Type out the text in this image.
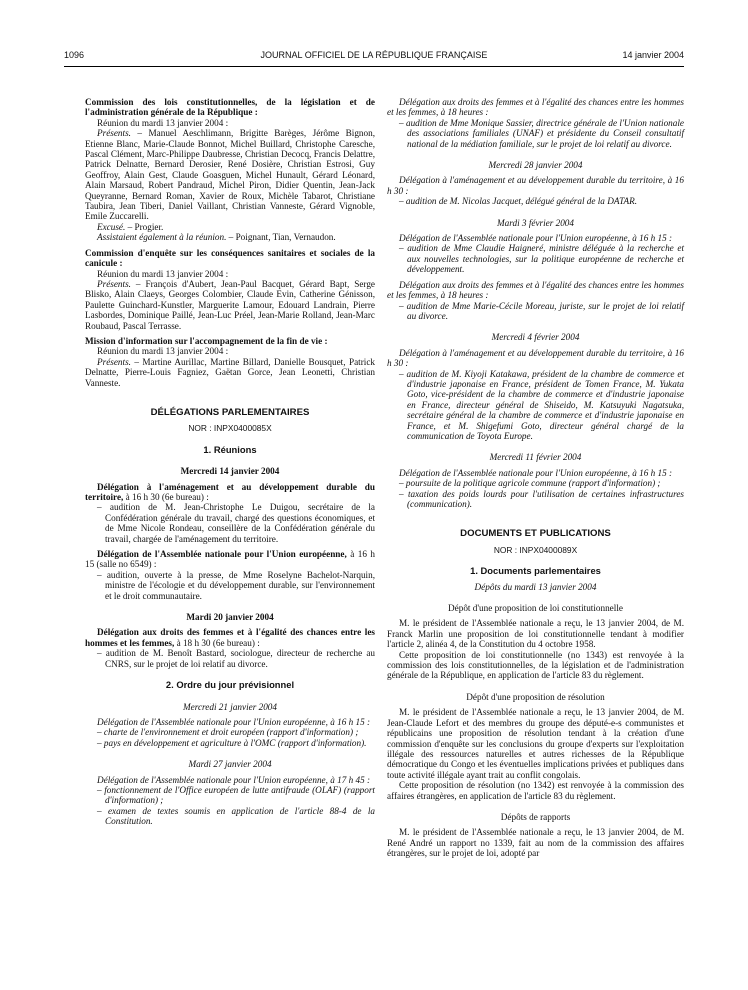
1096	JOURNAL OFFICIEL DE LA RÉPUBLIQUE FRANÇAISE	14 janvier 2004

Commission des lois constitutionnelles, de la législation et de l'administration générale de la République :

Réunion du mardi 13 janvier 2004 :

Présents. – Manuel Aeschlimann, Brigitte Barèges, Jérôme Bignon, Etienne Blanc, Marie-Claude Bonnot, Michel Buillard, Christophe Caresche, Pascal Clément, Marc-Philippe Daubresse, Christian Decocq, Francis Delattre, Patrick Delnatte, Bernard Derosier, René Dosière, Christian Estrosi, Guy Geoffroy, Alain Gest, Claude Goasguen, Michel Hunault, Gérard Léonard, Alain Marsaud, Robert Pandraud, Michel Piron, Didier Quentin, Jean-Jack Queyranne, Bernard Roman, Xavier de Roux, Michèle Tabarot, Christiane Taubira, Jean Tiberi, Daniel Vaillant, Christian Vanneste, Gérard Vignoble, Emile Zuccarelli.

Excusé. – Progier.

Assistaient également à la réunion. – Poignant, Tian, Vernaudon.

Commission d'enquête sur les conséquences sanitaires et sociales de la canicule :

Réunion du mardi 13 janvier 2004 :

Présents. – François d'Aubert, Jean-Paul Bacquet, Gérard Bapt, Serge Blisko, Alain Claeys, Georges Colombier, Claude Evin, Catherine Génisson, Paulette Guinchard-Kunstler, Marguerite Lamour, Edouard Landrain, Pierre Lasbordes, Dominique Paillé, Jean-Luc Préel, Jean-Marie Rolland, Jean-Marc Roubaud, Pascal Terrasse.

Mission d'information sur l'accompagnement de la fin de vie :

Réunion du mardi 13 janvier 2004 :

Présents. – Martine Aurillac, Martine Billard, Danielle Bousquet, Patrick Delnatte, Pierre-Louis Fagniez, Gaëtan Gorce, Jean Leonetti, Christian Vanneste.

DÉLÉGATIONS PARLEMENTAIRES

NOR : INPX0400085X

1. Réunions

Mercredi 14 janvier 2004

Délégation à l'aménagement et au développement durable du territoire, à 16 h 30 (6e bureau) :

– audition de M. Jean-Christophe Le Duigou, secrétaire de la Confédération générale du travail, chargé des questions économiques, et de Mme Nicole Rondeau, conseillère de la Confédération générale du travail, chargée de l'aménagement du territoire.

Délégation de l'Assemblée nationale pour l'Union européenne, à 16 h 15 (salle no 6549) :

– audition, ouverte à la presse, de Mme Roselyne Bachelot-Narquin, ministre de l'écologie et du développement durable, sur l'environnement et le droit communautaire.

Mardi 20 janvier 2004

Délégation aux droits des femmes et à l'égalité des chances entre les hommes et les femmes, à 18 h 30 (6e bureau) :

– audition de M. Benoît Bastard, sociologue, directeur de recherche au CNRS, sur le projet de loi relatif au divorce.

2. Ordre du jour prévisionnel

Mercredi 21 janvier 2004

Délégation de l'Assemblée nationale pour l'Union européenne, à 16 h 15 :

– charte de l'environnement et droit européen (rapport d'information) ;
– pays en développement et agriculture à l'OMC (rapport d'information).

Mardi 27 janvier 2004

Délégation de l'Assemblée nationale pour l'Union européenne, à 17 h 45 :

– fonctionnement de l'Office européen de lutte antifraude (OLAF) (rapport d'information) ;
– examen de textes soumis en application de l'article 88-4 de la Constitution.

Délégation aux droits des femmes et à l'égalité des chances entre les hommes et les femmes, à 18 heures :

– audition de Mme Monique Sassier, directrice générale de l'Union nationale des associations familiales (UNAF) et présidente du Conseil consultatif national de la médiation familiale, sur le projet de loi relatif au divorce.

Mercredi 28 janvier 2004

Délégation à l'aménagement et au développement durable du territoire, à 16 h 30 :

– audition de M. Nicolas Jacquet, délégué général de la DATAR.

Mardi 3 février 2004

Délégation de l'Assemblée nationale pour l'Union européenne, à 16 h 15 :

– audition de Mme Claudie Haigneré, ministre déléguée à la recherche et aux nouvelles technologies, sur la politique européenne de recherche et développement.

Délégation aux droits des femmes et à l'égalité des chances entre les hommes et les femmes, à 18 heures :

– audition de Mme Marie-Cécile Moreau, juriste, sur le projet de loi relatif au divorce.

Mercredi 4 février 2004

Délégation à l'aménagement et au développement durable du territoire, à 16 h 30 :

– audition de M. Kiyoji Katakawa, président de la chambre de commerce et d'industrie japonaise en France, président de Tomen France, M. Yukata Goto, vice-président de la chambre de commerce et d'industrie japonaise en France, directeur général de Shiseido, M. Katsuyuki Nagatsuka, secrétaire général de la chambre de commerce et d'industrie japonaise en France, et M. Shigefumi Goto, directeur général chargé de la communication de Toyota Europe.

Mercredi 11 février 2004

Délégation de l'Assemblée nationale pour l'Union européenne, à 16 h 15 :

– poursuite de la politique agricole commune (rapport d'information) ;
– taxation des poids lourds pour l'utilisation de certaines infrastructures (communication).

DOCUMENTS ET PUBLICATIONS

NOR : INPX0400089X

1. Documents parlementaires

Dépôts du mardi 13 janvier 2004

Dépôt d'une proposition de loi constitutionnelle

M. le président de l'Assemblée nationale a reçu, le 13 janvier 2004, de M. Franck Marlin une proposition de loi constitutionnelle tendant à modifier l'article 2, alinéa 4, de la Constitution du 4 octobre 1958.

Cette proposition de loi constitutionnelle (no 1343) est renvoyée à la commission des lois constitutionnelles, de la législation et de l'administration générale de la République, en application de l'article 83 du règlement.

Dépôt d'une proposition de résolution

M. le président de l'Assemblée nationale a reçu, le 13 janvier 2004, de M. Jean-Claude Lefort et des membres du groupe des député-e-s communistes et républicains une proposition de résolution tendant à la création d'une commission d'enquête sur les conclusions du groupe d'experts sur l'exploitation illégale des ressources naturelles et autres richesses de la République démocratique du Congo et les éventuelles implications privées et publiques dans toute activité illégale ayant trait au conflit congolais.

Cette proposition de résolution (no 1342) est renvoyée à la commission des affaires étrangères, en application de l'article 83 du règlement.

Dépôts de rapports

M. le président de l'Assemblée nationale a reçu, le 13 janvier 2004, de M. René André un rapport no 1339, fait au nom de la commission des affaires étrangères, sur le projet de loi, adopté par
